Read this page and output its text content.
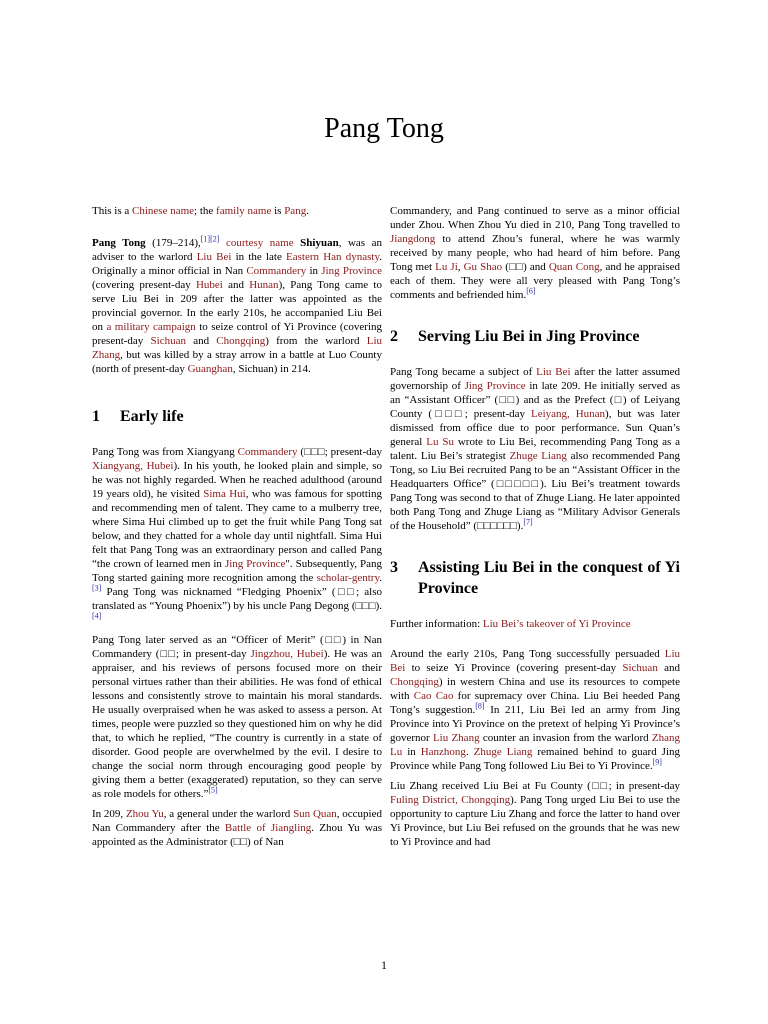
Pang Tong

This is a Chinese name; the family name is Pang.

Pang Tong (179–214),[1][2] courtesy name Shiyuan, was an adviser to the warlord Liu Bei in the late Eastern Han dynasty. Originally a minor official in Nan Commandery in Jing Province (covering present-day Hubei and Hunan), Pang Tong came to serve Liu Bei in 209 after the latter was appointed as the provincial governor. In the early 210s, he accompanied Liu Bei on a military campaign to seize control of Yi Province (covering present-day Sichuan and Chongqing) from the warlord Liu Zhang, but was killed by a stray arrow in a battle at Luo County (north of present-day Guanghan, Sichuan) in 214.

1	Early life

Pang Tong was from Xiangyang Commandery (□□□; present-day Xiangyang, Hubei). In his youth, he looked plain and simple, so he was not highly regarded. When he reached adulthood (around 19 years old), he visited Sima Hui, who was famous for spotting and recommending men of talent. They came to a mulberry tree, where Sima Hui climbed up to get the fruit while Pang Tong sat below, and they chatted for a whole day until nightfall. Sima Hui felt that Pang Tong was an extraordinary person and called Pang “the crown of learned men in Jing Province". Subsequently, Pang Tong started gaining more recognition among the scholar-gentry.[3] Pang Tong was nicknamed “Fledging Phoenix” (□□; also translated as “Young Phoenix”) by his uncle Pang Degong (□□□).[4]

Pang Tong later served as an “Officer of Merit” (□□) in Nan Commandery (□□; in present-day Jingzhou, Hubei). He was an appraiser, and his reviews of persons focused more on their personal virtues rather than their abilities. He was fond of ethical lessons and consistently strove to maintain his moral standards. He usually overpraised when he was asked to assess a person. At times, people were puzzled so they questioned him on why he did that, to which he replied, “The country is currently in a state of disorder. Good people are overwhelmed by the evil. I desire to change the social norm through encouraging good people by giving them a better (exaggerated) reputation, so they can serve as role models for others.”[5]

In 209, Zhou Yu, a general under the warlord Sun Quan, occupied Nan Commandery after the Battle of Jiangling. Zhou Yu was appointed as the Administrator (□□) of Nan

Commandery, and Pang continued to serve as a minor official under Zhou. When Zhou Yu died in 210, Pang Tong travelled to Jiangdong to attend Zhou’s funeral, where he was warmly received by many people, who had heard of him before. Pang Tong met Lu Ji, Gu Shao (□□) and Quan Cong, and he appraised each of them. They were all very pleased with Pang Tong’s comments and befriended him.[6]

2	Serving Liu Bei in Jing Province

Pang Tong became a subject of Liu Bei after the latter assumed governorship of Jing Province in late 209. He initially served as an “Assistant Officer” (□□) and as the Prefect (□) of Leiyang County (□□□; present-day Leiyang, Hunan), but was later dismissed from office due to poor performance. Sun Quan’s general Lu Su wrote to Liu Bei, recommending Pang Tong as a talent. Liu Bei’s strategist Zhuge Liang also recommended Pang Tong, so Liu Bei recruited Pang to be an “Assistant Officer in the Headquarters Office” (□□□□□). Liu Bei’s treatment towards Pang Tong was second to that of Zhuge Liang. He later appointed both Pang Tong and Zhuge Liang as “Military Advisor Generals of the Household” (□□□□□□).[7]

3	Assisting Liu Bei in the conquest of Yi Province

Further information: Liu Bei’s takeover of Yi Province

Around the early 210s, Pang Tong successfully persuaded Liu Bei to seize Yi Province (covering present-day Sichuan and Chongqing) in western China and use its resources to compete with Cao Cao for supremacy over China. Liu Bei heeded Pang Tong’s suggestion.[8] In 211, Liu Bei led an army from Jing Province into Yi Province on the pretext of helping Yi Province’s governor Liu Zhang counter an invasion from the warlord Zhang Lu in Hanzhong. Zhuge Liang remained behind to guard Jing Province while Pang Tong followed Liu Bei to Yi Province.[9]

Liu Zhang received Liu Bei at Fu County (□□; in present-day Fuling District, Chongqing). Pang Tong urged Liu Bei to use the opportunity to capture Liu Zhang and force the latter to hand over Yi Province, but Liu Bei refused on the grounds that he was new to Yi Province and had

1
